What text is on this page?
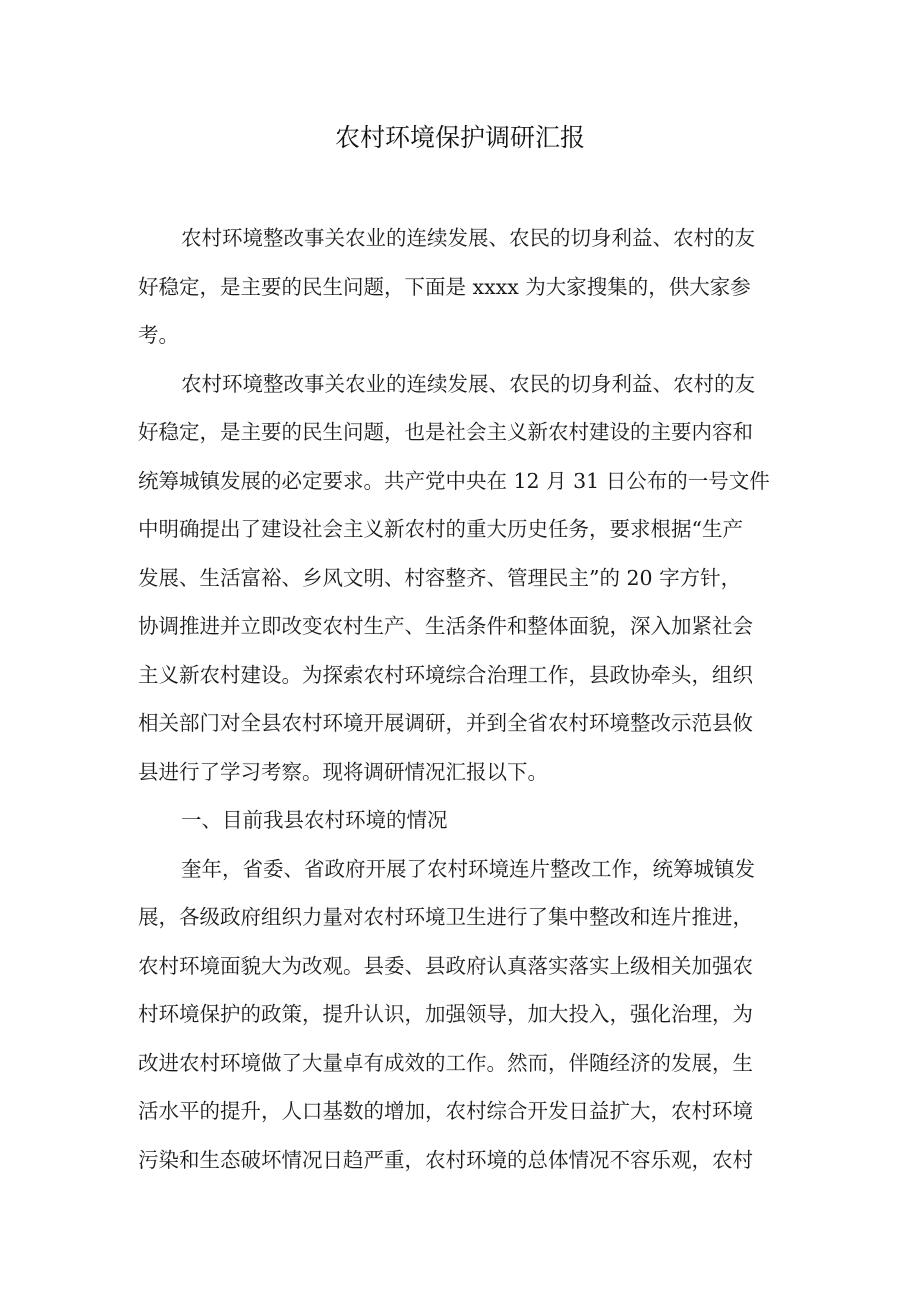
农村环境保护调研汇报
农村环境整改事关农业的连续发展、农民的切身利益、农村的友
好稳定，是主要的民生问题，下面是 xxxx 为大家搜集的，供大家参
考。
农村环境整改事关农业的连续发展、农民的切身利益、农村的友
好稳定，是主要的民生问题，也是社会主义新农村建设的主要内容和
统筹城镇发展的必定要求。共产党中央在 12 月 31 日公布的一号文件
中明确提出了建设社会主义新农村的重大历史任务，要求根据“生产
发展、生活富裕、乡风文明、村容整齐、管理民主”的 20 字方针，
协调推进并立即改变农村生产、生活条件和整体面貌，深入加紧社会
主义新农村建设。为探索农村环境综合治理工作，县政协牵头，组织
相关部门对全县农村环境开展调研，并到全省农村环境整改示范县攸
县进行了学习考察。现将调研情况汇报以下。
一、目前我县农村环境的情况
奎年，省委、省政府开展了农村环境连片整改工作，统筹城镇发
展，各级政府组织力量对农村环境卫生进行了集中整改和连片推进，
农村环境面貌大为改观。县委、县政府认真落实落实上级相关加强农
村环境保护的政策，提升认识，加强领导，加大投入，强化治理，为
改进农村环境做了大量卓有成效的工作。然而，伴随经济的发展，生
活水平的提升，人口基数的增加，农村综合开发日益扩大，农村环境
污染和生态破坏情况日趋严重，农村环境的总体情况不容乐观，农村
